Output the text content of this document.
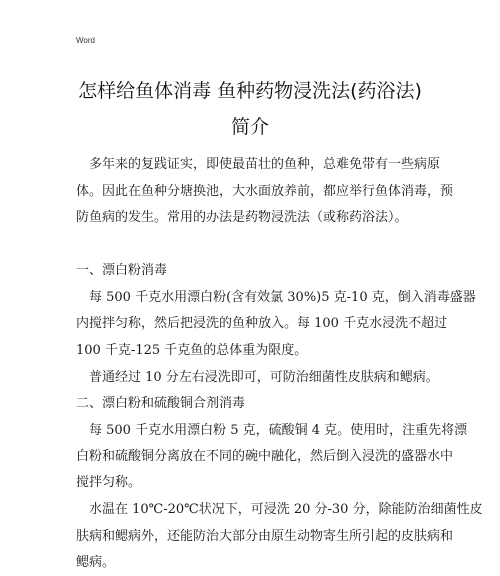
Word
怎样给鱼体消毒 鱼种药物浸洗法(药浴法)
简介
多年来的复践证实，即使最苗壮的鱼种，总难免带有一些病原
体。因此在鱼种分塘换池，大水面放养前，都应举行鱼体消毒，预
防鱼病的发生。常用的办法是药物浸洗法（或称药浴法）。
一、漂白粉消毒
每 500 千克水用漂白粉(含有效氯 30%)5 克-10 克，倒入消毒盛器
内搅拌匀称，然后把浸洗的鱼种放入。每 100 千克水浸洗不超过
100 千克-125 千克鱼的总体重为限度。
普通经过 10 分左右浸洗即可，可防治细菌性皮肤病和鳃病。
二、漂白粉和硫酸铜合剂消毒
每 500 千克水用漂白粉 5 克，硫酸铜 4 克。使用时，注重先将漂
白粉和硫酸铜分离放在不同的碗中融化，然后倒入浸洗的盛器水中
搅拌匀称。
水温在 10℃-20℃状况下，可浸洗 20 分-30 分，除能防治细菌性皮
肤病和鳃病外，还能防治大部分由原生动物寄生所引起的皮肤病和
鳃病。
